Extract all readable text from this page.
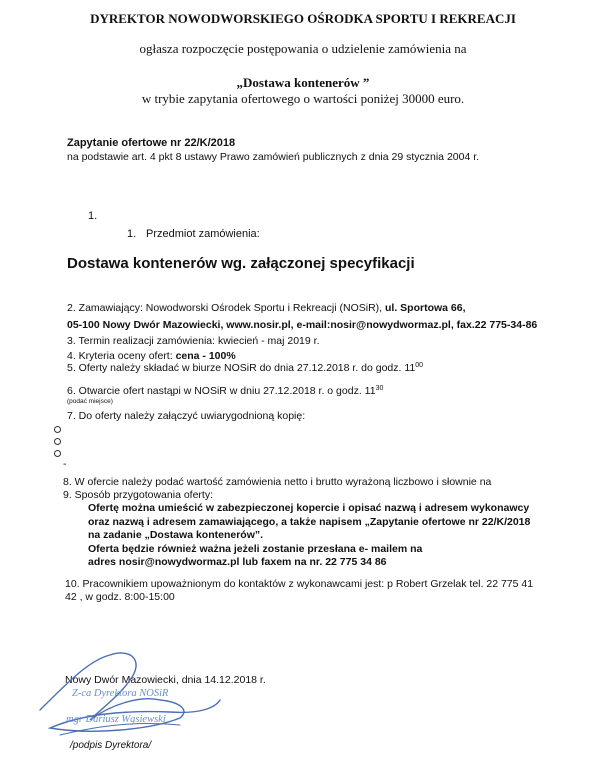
DYREKTOR NOWODWORSKIEGO OŚRODKA SPORTU I REKREACJI
ogłasza rozpoczęcie postępowania o udzielenie zamówienia na
„Dostawa kontenerów ”
w trybie zapytania ofertowego o wartości poniżej 30000 euro.
Zapytanie ofertowe nr 22/K/2018
na podstawie art. 4 pkt 8 ustawy Prawo zamówień publicznych z dnia 29 stycznia 2004 r.
1.
1. Przedmiot zamówienia:
Dostawa kontenerów wg. załączonej specyfikacji
2. Zamawiający: Nowodworski Ośrodek Sportu i Rekreacji (NOSiR), ul. Sportowa 66,
05-100 Nowy Dwór Mazowiecki, www.nosir.pl, e-mail:nosir@nowydwormaz.pl, fax.22 775-34-86
3. Termin realizacji zamówienia: kwiecień - maj 2019 r.
4. Kryteria oceny ofert: cena - 100%
5. Oferty należy składać w biurze NOSiR do dnia 27.12.2018 r. do godz. $11^{00}$
6. Otwarcie ofert nastąpi w NOSiR w dniu 27.12.2018 r. o godz. $11^{30}$
(podać miejsce)
7. Do oferty należy załączyć uwiarygodnioną kopię:
-
8. W ofercie należy podać wartość zamówienia netto i brutto wyrażoną liczbowo i słownie na
9. Sposób przygotowania oferty:
Ofertę można umieścić w zabezpieczonej kopercie i opisać nazwą i adresem wykonawcy
oraz nazwą i adresem zamawiającego, a także napisem „Zapytanie ofertowe nr 22/K/2018
na zadanie „Dostawa kontenerów”.
Oferta będzie również ważna jeżeli zostanie przesłana e- mailem na
adres nosir@nowydwormaz.pl lub faxem na nr. 22 775 34 86
10. Pracownikiem upoważnionym do kontaktów z wykonawcami jest: p Robert Grzelak tel. 22 775 41
42 , w godz. 8:00-15:00
Nowy Dwór Mazowiecki, dnia 14.12.2018 r.
Z-ca Dyrektora NOSiR
mgr Dariusz Wąsiewski
/podpis Dyrektora/
